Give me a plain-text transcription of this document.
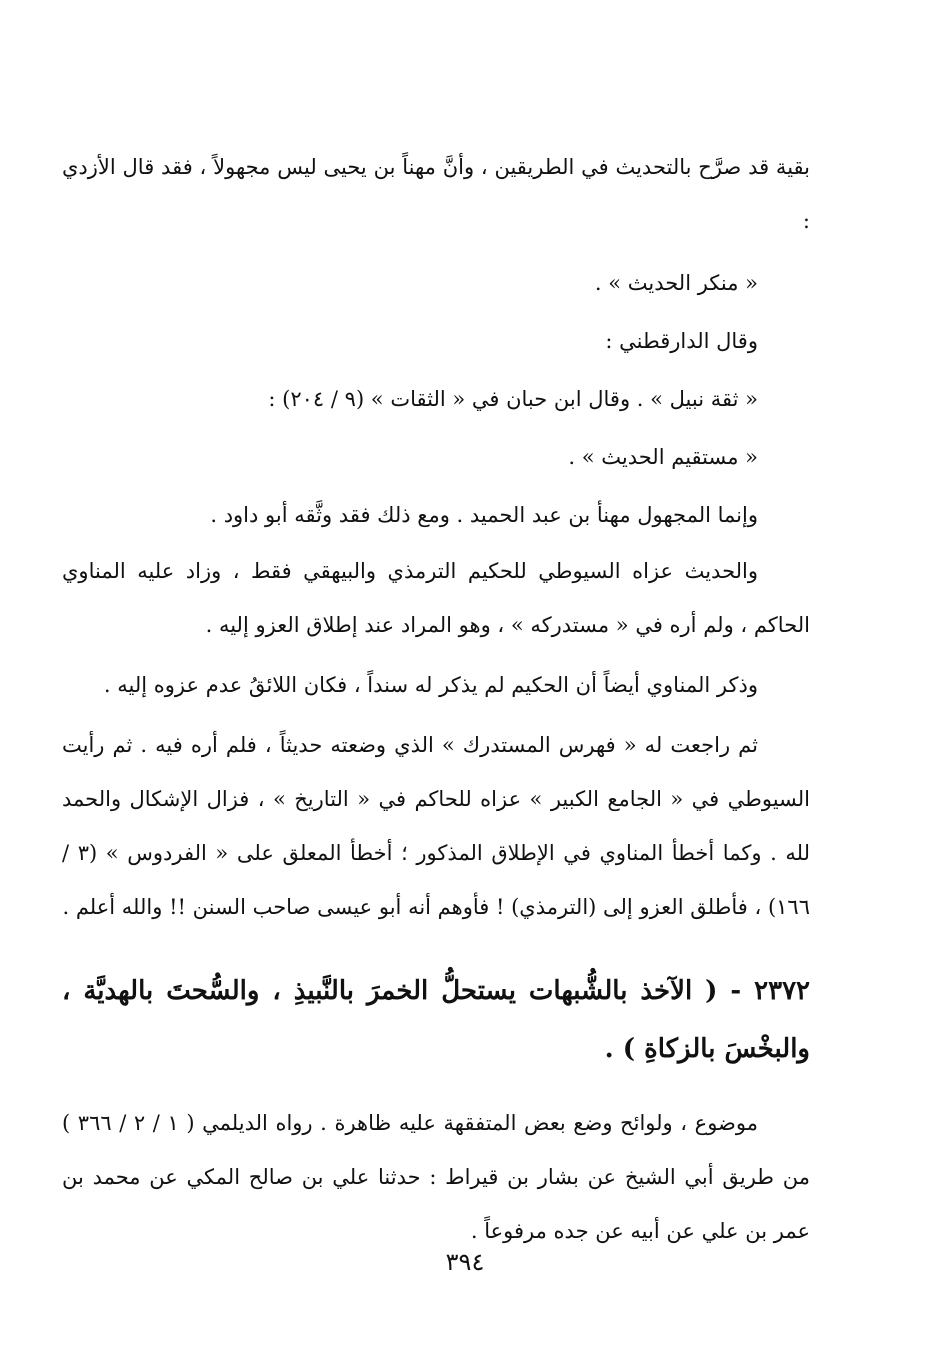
بقية قد صرَّح بالتحديث في الطريقين ، وأنَّ مهناً بن يحيى ليس مجهولاً ، فقد قال الأزدي :

« منكر الحديث » .

وقال الدارقطني :

« ثقة نبيل » . وقال ابن حبان في « الثقات » (٩ / ٢٠٤) :

« مستقيم الحديث » .

وإنما المجهول مهنأ بن عبد الحميد . ومع ذلك فقد وثَّقه أبو داود .

والحديث عزاه السيوطي للحكيم الترمذي والبيهقي فقط ، وزاد عليه المناوي الحاكم ، ولم أره في « مستدركه » ، وهو المراد عند إطلاق العزو إليه .

وذكر المناوي أيضاً أن الحكيم لم يذكر له سنداً ، فكان اللائقُ عدم عزوه إليه .

ثم راجعت له « فهرس المستدرك » الذي وضعته حديثاً ، فلم أره فيه . ثم رأيت السيوطي في « الجامع الكبير » عزاه للحاكم في « التاريخ » ، فزال الإشكال والحمد لله . وكما أخطأ المناوي في الإطلاق المذكور ؛ أخطأ المعلق على « الفردوس » (٣ / ١٦٦) ، فأطلق العزو إلى (الترمذي) ! فأوهم أنه أبو عيسى صاحب السنن !! والله أعلم .

٢٣٧٢ - ( الآخذ بالشُّبهات يستحلُّ الخمرَ بالنَّبيذِ ، والسُّحتَ بالهديَّة ، والبخْسَ بالزكاةِ ) .

موضوع ، ولوائح وضع بعض المتفقهة عليه ظاهرة . رواه الديلمي ( ١ / ٢ / ٣٦٦ ) من طريق أبي الشيخ عن بشار بن قيراط : حدثنا علي بن صالح المكي عن محمد بن عمر بن علي عن أبيه عن جده مرفوعاً .

٣٩٤
